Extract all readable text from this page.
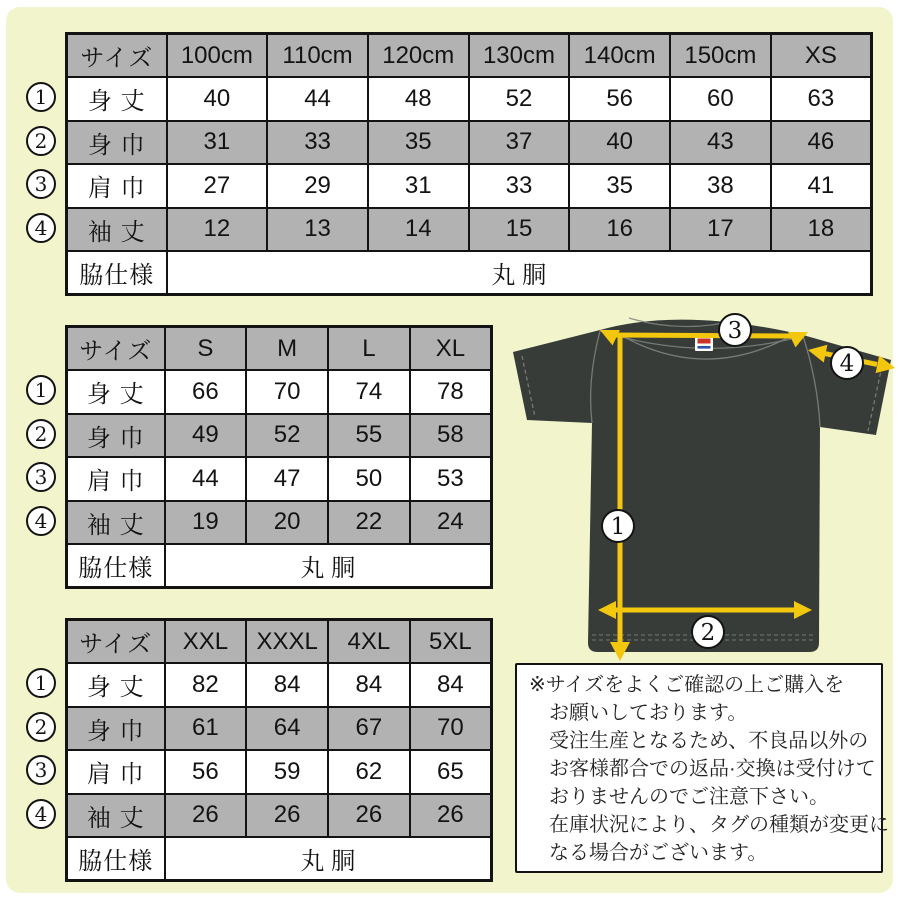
サイズ	100cm	110cm	120cm	130cm	140cm	150cm	XS
身 丈	40	44	48	52	56	60	63
身 巾	31	33	35	37	40	43	46
肩 巾	27	29	31	33	35	38	41
袖 丈	12	13	14	15	16	17	18
脇仕様	丸 胴						
サイズ	S	M	L	XL
身 丈	66	70	74	78
身 巾	49	52	55	58
肩 巾	44	47	50	53
袖 丈	19	20	22	24
脇仕様	丸 胴			
サイズ	XXL	XXXL	4XL	5XL
身 丈	82	84	84	84
身 巾	61	64	67	70
肩 巾	56	59	62	65
袖 丈	26	26	26	26
脇仕様	丸 胴			
1
2
3
4
1
2
3
4
1
2
3
4
3
4
1
2
※サイズをよくご確認の上ご購入を
お願いしております。
受注生産となるため、不良品以外の
お客様都合での返品·交換は受付けて
おりませんのでご注意下さい。
在庫状況により、タグの種類が変更に
なる場合がございます。
